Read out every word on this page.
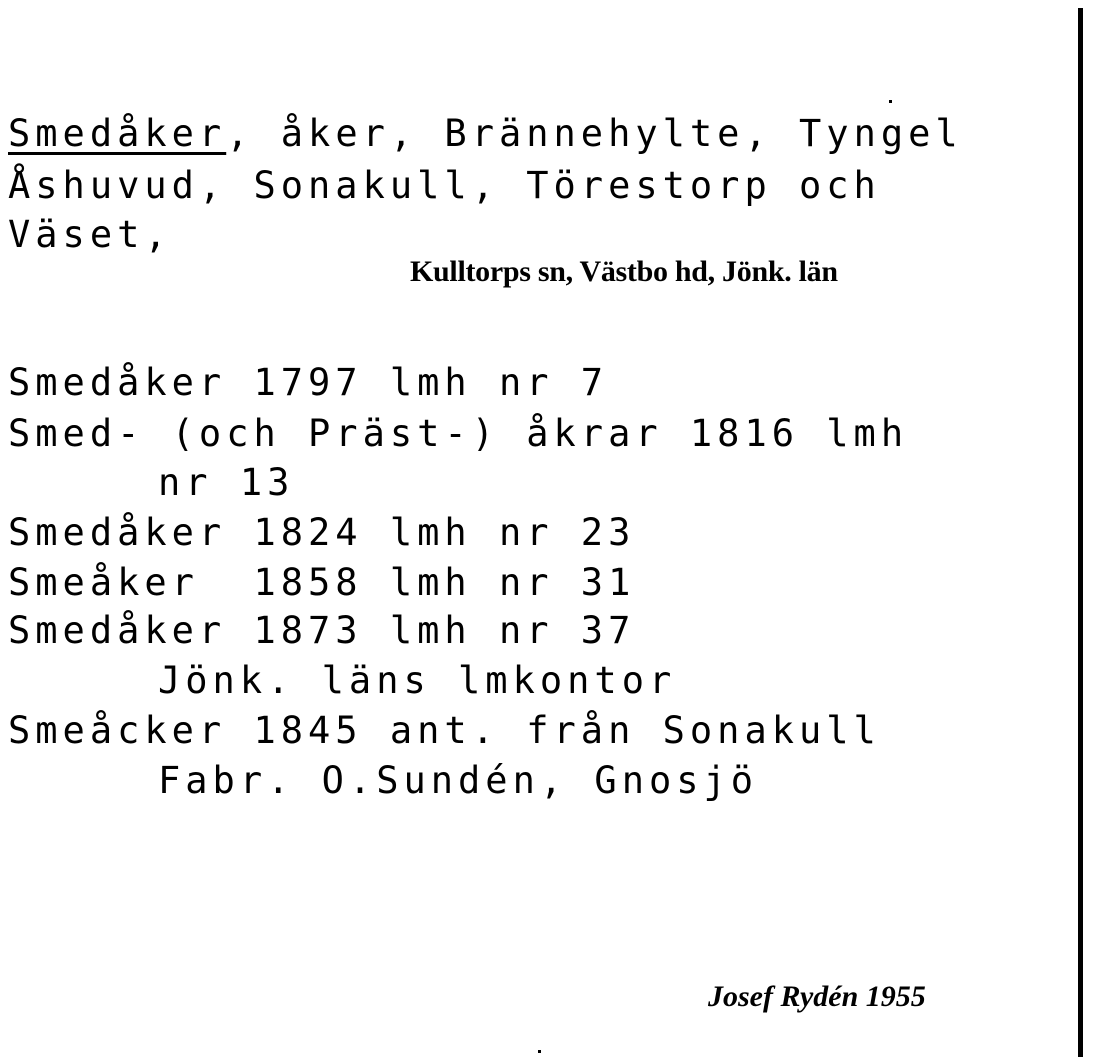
Smedåker, åker, Brännehylte, Tyngel
Åshuvud, Sonakull, Törestorp och
Väset,
Kulltorps sn, Västbo hd, Jönk. län
Smedåker 1797 lmh nr 7
Smed- (och Präst-) åkrar 1816 lmh
nr 13
Smedåker 1824 lmh nr 23
Smeåker  1858 lmh nr 31
Smedåker 1873 lmh nr 37
Jönk. läns lmkontor
Smeåcker 1845 ant. från Sonakull
Fabr. O.Sundén, Gnosjö
Josef Rydén 1955
